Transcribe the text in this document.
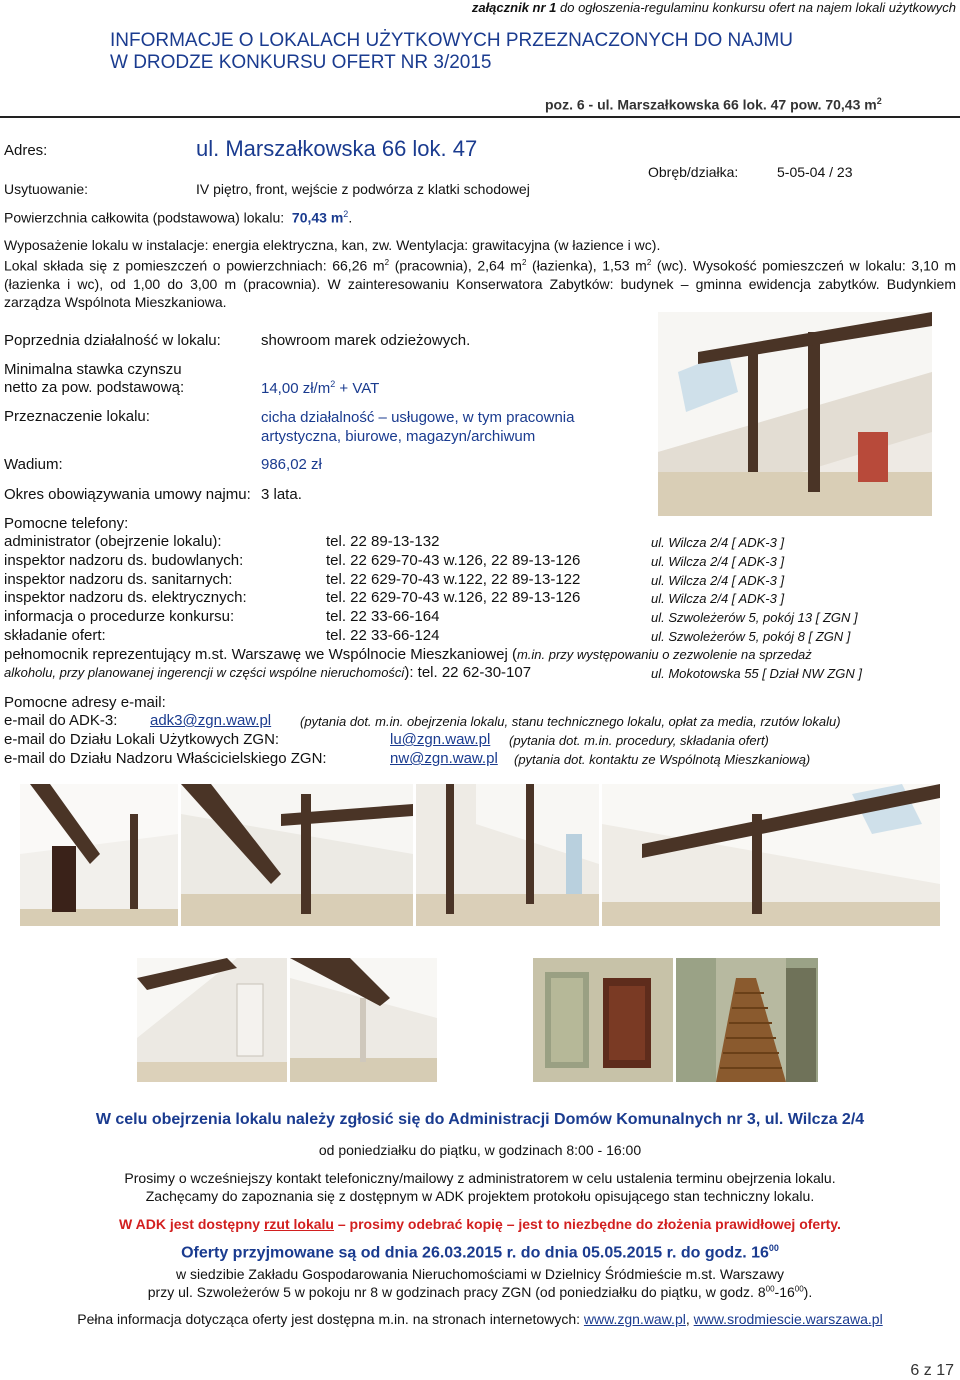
załącznik nr 1 do ogłoszenia-regulaminu konkursu ofert na najem lokali użytkowych
INFORMACJE O LOKALACH UŻYTKOWYCH PRZEZNACZONYCH DO NAJMU
W DRODZE KONKURSU OFERT NR 3/2015
poz. 6 - ul. Marszałkowska 66 lok. 47 pow. 70,43 $m^2$
Adres:	ul. Marszałkowska 66 lok. 47
Obręb/działka:	5-05-04 / 23
Usytuowanie:	IV piętro, front, wejście z podwórza z klatki schodowej
Powierzchnia całkowita (podstawowa) lokalu: 70,43 $m^2$.
Wyposażenie lokalu w instalacje: energia elektryczna, kan, zw. Wentylacja: grawitacyjna (w łazience i wc).
Lokal składa się z pomieszczeń o powierzchniach: 66,26 $m^2$ (pracownia), 2,64 $m^2$ (łazienka), 1,53 $m^2$ (wc). Wysokość pomieszczeń w lokalu: 3,10 m (łazienka i wc), od 1,00 do 3,00 m (pracownia). W zainteresowaniu Konserwatora Zabytków: budynek – gminna ewidencja zabytków. Budynkiem zarządza Wspólnota Mieszkaniowa.
Poprzednia działalność w lokalu:	showroom marek odzieżowych.
Minimalna stawka czynszu
netto za pow. podstawową:	14,00 $zł/m^2$ + VAT
Przeznaczenie lokalu:	cicha działalność – usługowe, w tym pracownia
artystyczna, biurowe, magazyn/archiwum
Wadium:	986,02 zł
Okres obowiązywania umowy najmu: 3 lata.
Pomocne telefony:
administrator (obejrzenie lokalu):	tel. 22 89-13-132	ul. Wilcza 2/4 [ ADK-3 ]
inspektor nadzoru ds. budowlanych:	tel. 22 629-70-43 w.126, 22 89-13-126	ul. Wilcza 2/4 [ ADK-3 ]
inspektor nadzoru ds. sanitarnych:	tel. 22 629-70-43 w.122, 22 89-13-122	ul. Wilcza 2/4 [ ADK-3 ]
inspektor nadzoru ds. elektrycznych:	tel. 22 629-70-43 w.126, 22 89-13-126	ul. Wilcza 2/4 [ ADK-3 ]
informacja o procedurze konkursu:	tel. 22 33-66-164	ul. Szwoleżerów 5, pokój 13 [ ZGN ]
składanie ofert:	tel. 22 33-66-124	ul. Szwoleżerów 5, pokój 8 [ ZGN ]
pełnomocnik reprezentujący m.st. Warszawę we Wspólnocie Mieszkaniowej (m.in. przy występowaniu o zezwolenie na sprzedaż
alkoholu, przy planowanej ingerencji w części wspólne nieruchomości): tel. 22 62-30-107	ul. Mokotowska 55 [ Dział NW ZGN ]
Pomocne adresy e-mail:
e-mail do ADK-3: adk3@zgn.waw.pl (pytania dot. m.in. obejrzenia lokalu, stanu technicznego lokalu, opłat za media, rzutów lokalu)
e-mail do Działu Lokali Użytkowych ZGN:	lu@zgn.waw.pl (pytania dot. m.in. procedury, składania ofert)
e-mail do Działu Nadzoru Właścicielskiego ZGN:	nw@zgn.waw.pl (pytania dot. kontaktu ze Wspólnotą Mieszkaniową)
W celu obejrzenia lokalu należy zgłosić się do Administracji Domów Komunalnych nr 3, ul. Wilcza 2/4
od poniedziałku do piątku, w godzinach 8:00 - 16:00
Prosimy o wcześniejszy kontakt telefoniczny/mailowy z administratorem w celu ustalenia terminu obejrzenia lokalu.
Zachęcamy do zapoznania się z dostępnym w ADK projektem protokołu opisującego stan techniczny lokalu.
W ADK jest dostępny rzut lokalu – prosimy odebrać kopię – jest to niezbędne do złożenia prawidłowej oferty.
Oferty przyjmowane są od dnia 26.03.2015 r. do dnia 05.05.2015 r. do godz. $16^{00}$
w siedzibie Zakładu Gospodarowania Nieruchomościami w Dzielnicy Śródmieście m.st. Warszawy
przy ul. Szwoleżerów 5 w pokoju nr 8 w godzinach pracy ZGN (od poniedziałku do piątku, w godz. $8^{00}-16^{00}$).
Pełna informacja dotycząca oferty jest dostępna m.in. na stronach internetowych: www.zgn.waw.pl, www.srodmiescie.warszawa.pl
6 z 17
